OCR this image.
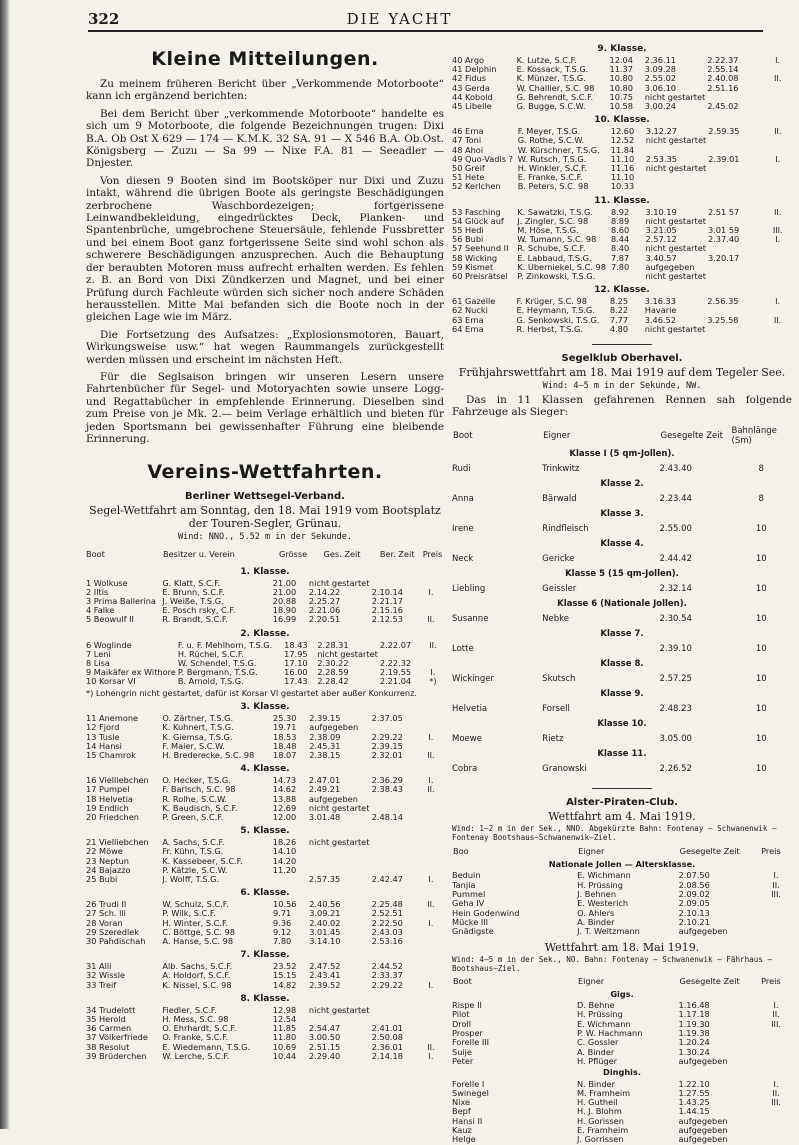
322	DIE YACHT
Kleine Mitteilungen.

Zu meinem früheren Bericht über „Verkommende Motorboote“ kann ich ergänzend berichten:

Bei dem Bericht über „verkommende Motorboote“ handelte es sich um 9 Motorboote, die folgende Bezeichnungen trugen: Dixi B.A. Ob Ost X 629 — 174 — K.M.K. 32 SA. 91 — X 546 B.A. Ob.Ost. Königsberg — Zuzu — Sa 99 — Nixe F.A. 81 — Seeadler — Dnjester.

Von diesen 9 Booten sind im Bootsköper nur Dixi und Zuzu intakt, während die übrigen Boote als geringste Beschädigungen zerbrochene Waschbordezeigen; fortgerissene Leinwandbekleidung, eingedrücktes Deck, Planken- und Spantenbrüche, umgebrochene Steuersäule, fehlende Fussbretter und bei einem Boot ganz fortgerissene Seite sind wohl schon als schwerere Beschädigungen anzusprechen. Auch die Behauptung der beraubten Motoren muss aufrecht erhalten werden. Es fehlen z. B. an Bord von Dixi Zündkerzen und Magnet, und bei einer Prüfung durch Fachleute würden sich sicher noch andere Schäden herausstellen. Mitte Mai befanden sich die Boote noch in der gleichen Lage wie im März.

Die Fortsetzung des Aufsatzes: „Explosionsmotoren, Bauart, Wirkungsweise usw.“ hat wegen Raummangels zurückgestellt werden müssen und erscheint im nächsten Heft.

Für die Seglsaison bringen wir unseren Lesern unsere Fahrtenbücher für Segel- und Motoryachten sowie unsere Logg- und Regattabücher in empfehlende Erinnerung. Dieselben sind zum Preise von je Mk. 2.— beim Verlage erhältlich und bieten für jeden Sportsmann bei gewissenhafter Führung eine bleibende Erinnerung.

Vereins-Wettfahrten.
Berliner Wettsegel-Verband.
Segel-Wettfahrt am Sonntag, den 18. Mai 1919 vom Bootsplatz der Touren-Segler, Grünau.
Wind: NNO., 5.52 m in der Sekunde.
Boot	Besitzer u. Verein	Grösse	Ges. Zeit	Ber. Zeit	Preis
1. Klasse.
1 Wolkuse	G. Klatt, S.C.F.	21.00	nicht gestartet		
2 Iltis	E. Brunn, S.C.F.	21.00	2.14.22	2.10.14	I.
3 Prima Ballerina	J. Weiße, T.S.G.	20.88	2.25.27	2.21.17	
4 Falke	E. Posch rsky, C.F.	18.90	2.21.06	2.15.16	
5 Beowulf II	R. Brandt, S.C.F.	16.99	2.20.51	2.12.53	II.
2. Klasse.
6 Woglinde	F. u. F. Mehlhorn, T.S.G.	18.43	2.28.31	2.22.07	II.
7 Leni	H. Rüchel, S.C.F.	17.95	nicht gestartet		
8 Lisa	W. Schendel, T.S.G.	17.10	2.30.22	2.22.32	
9 Maikäfer ex Withore	P. Bergmann, T.S.G.	16.00	2.28.59	2.19.55	I.
10 Korsar VI	B. Arnold, T.S.G.	17.43	2.28.42	2.21.04	*)
*) Lohengrin nicht gestartet, dafür ist Korsar VI gestartet aber außer Konkurrenz.
3. Klasse.
11 Anemone	O. Zärtner, T.S.G.	25.30	2.39.15	2.37.05	
12 Fjord	K. Kuhnert, T.S.G.	19.71	aufgegeben		
13 Tusle	K. Giemsa, T.S.G.	18.53	2.38.09	2.29.22	I.
14 Hansi	F. Maier, S.C.W.	18.48	2.45.31	2.39.15	
15 Chamrok	H. Brederecke, S.C. 98	18.07	2.38.15	2.32.01	II.
4. Klasse.
16 Vielliebchen	O. Hecker, T.S.G.	14.73	2.47.01	2.36.29	I.
17 Pumpel	F. Barlsch, S.C. 98	14.62	2.49.21	2.38.43	II.
18 Helvetia	R. Rolhe, S.C.W.	13.88	aufgegeben		
19 Endlich	K. Baudisch, S.C.F.	12.69	nicht gestartet		
20 Friedchen	P. Green, S.C.F.	12.00	3.01.48	2.48.14	
5. Klasse.
21 Vielliebchen	A. Sachs, S.C.F.	18.26	nicht gestartet		
22 Möwe	Fr. Kühn, T.S.G.	14.10			
23 Neptun	K. Kassebeer, S.C.F.	14.20			
24 Bajazzo	P. Kätzle, S.C.W.	11.20			
25 Bubi	J. Wolff, T.S.G.		2.57.35	2.42.47	I.
6. Klasse.
26 Trudi II	W. Schulz, S.C.F.	10.56	2.40.56	2.25.48	II.
27 Sch. lli	P. Wilk, S.C.F.	9.71	3.09.21	2.52.51	
28 Voran	H. Winter, S.C.F.	9.36	2.40.02	2.22.50	I.
29 Szeredlek	C. Böttge, S.C. 98	9.12	3.01.45	2.43.03	
30 Pahdischah	A. Hanse, S.C. 98	7.80	3.14.10	2.53.16	
7. Klasse.
31 Alli	Alb. Sachs, S.C.F.	23.52	2.47.52	2.44.52	
32 Wissle	A. Holdorf, S.C.F.	15.15	2.43.41	2.33.37	
33 Treif	K. Nissel, S.C. 98	14.82	2.39.52	2.29.22	I.
8. Klasse.
34 Trudelott	Fiedler, S.C.F.	12.98	nicht gestartet		
35 Herold	H. Mess, S.C. 98	12.54			
36 Carmen	O. Ehrhardt, S.C.F.	11.85	2.54.47	2.41.01	
37 Völkerfriede	O. Franke, S.C.F.	11.80	3.00.50	2.50.08	
38 Resolut	E. Wiedemann, T.S.G.	10.69	2.51.15	2.36.01	II.
39 Brüderchen	W. Lerche, S.C.F.	10.44	2.29.40	2.14.18	I.
9. Klasse.
40 Argo	K. Lutze, S.C.F.	12.04	2.36.11	2.22.37	I.
41 Delphin	E. Kossack, T.S.G.	11.37	3.09.28	2.55.14	
42 Fidus	K. Münzer, T.S.G.	10.80	2.55.02	2.40.08	II.
43 Gerda	W. Challier, S.C. 98	10.80	3.06.10	2.51.16	
44 Kobold	G. Behrendt, S.C.F.	10.75	nicht gestartet		
45 Libelle	G. Bugge, S.C.W.	10.58	3.00.24	2.45.02	
10. Klasse.
46 Erna	F. Meyer, T.S.G.	12.60	3.12.27	2.59.35	II.
47 Toni	G. Rothe, S.C.W.	12.52	nicht gestartet		
48 Ahoi	W. Kürschner, T.S.G.	11.84			
49 Quo-Vadis ?	W. Rutsch, T.S.G.	11.10	2.53.35	2.39.01	I.
50 Greif	H. Winkler, S.C.F.	11.16	nicht gestartet		
51 Hete	E. Franke, S.C.F.	11.10			
52 Kerlchen	B. Peters, S.C. 98	10.33			
11. Klasse.
53 Fasching	K. Sawatzki, T.S.G.	8.92	3.10.19	2.51 57	II.
54 Glück auf	J. Zingler, S.C. 98	8.89	nicht gestartet		
55 Hedi	M. Höse, T.S.G.	8.60	3.21.05	3.01 59	III.
56 Bubi	W. Tumann, S.C. 98	8.44	2.57.12	2.37.40	I.
57 Seehund II	R. Schube, S.C.F.	8.40	nicht gestartet		
58 Wicking	E. Labbaud, T.S.G.	7.87	3.40.57	3.20.17	
59 Kismet	K. Überniekel, S.C. 98	7.80	aufgegeben		
60 Preisrätsel	P. Zinkowski, T.S.G.		nicht gestartet		
12. Klasse.
61 Gazelle	F. Krüger, S.C. 98	8.25	3.16.33	2.56.35	I.
62 Nucki	E. Heymann, T.S.G.	8.22	Havarie		
63 Erna	G. Senkowski, T.S.G.	7.77	3.46.52	3.25.58	II.
64 Erna	R. Herbst, T.S.G.	4.80	nicht gestartet		
Segelklub Oberhavel.
Frühjahrswettfahrt am 18. Mai 1919 auf dem Tegeler See.
Wind: 4—5 m in der Sekunde, NW.

Das in 11 Klassen gefahrenen Rennen sah folgende Fahrzeuge als Sieger:

Boot	Eigner	Gesegelte Zeit	Bahnlänge (Sm)
Klasse I (5 qm-Jollen).			
Rudi	Trinkwitz	2.43.40	8
Klasse 2.			
Anna	Bärwald	2.23.44	8
Klasse 3.			
Irene	Rindfleisch	2.55.00	10
Klasse 4.			
Neck	Gericke	2.44.42	10
Klasse 5 (15 qm-Jollen).			
Liebling	Geissler	2.32.14	10
Klasse 6 (Nationale Jollen).			
Susanne	Nebke	2.30.54	10
Klasse 7.			
Lotte		2.39.10	10
Klasse 8.			
Wickinger	Skutsch	2.57.25	10
Klasse 9.			
Helvetia	Forsell	2.48.23	10
Klasse 10.			
Moewe	Rietz	3.05.00	10
Klasse 11.			
Cobra	Granowski	2.26.52	10
Alster-Piraten-Club.
Wettfahrt am 4. Mai 1919.
Wind: 1—2 m in der Sek., NNO. Abgekürzte Bahn: Fontenay — Schwanenwik — Fontenay Bootshaus—Schwanenwik—Ziel.
Boo	Eigner	Gesegelte Zeit	Preis
Nationale Jollen — Altersklasse.			
Beduin	E. Wichmann	2.07.50	I.
Tanjia	H. Prüssing	2.08.56	II.
Pummel	J. Behnen	2.09.02	III.
Geha IV	E. Westerich	2.09.05	
Hein Godenwind	O. Ahlers	2.10.13	
Mücke III	A. Binder	2.10.21	
Gnädigste	J. T. Weitzmann	aufgegeben	
Wettfahrt am 18. Mai 1919.
Wind: 4—5 m in der Sek., NO. Bahn: Fontenay — Schwanenwik — Fährhaus — Bootshaus—Ziel.
Boot	Eigner	Gesegelte Zeit	Preis
Gigs.			
Rispe II	D. Behne	1.16.48	I.
Pilot	H. Prüssing	1.17.18	II.
Droll	E. Wichmann	1.19.30	III.
Prosper	P. W. Hachmann	1.19.38	
Forelle III	C. Gossler	1.20.24	
Suije	A. Binder	1.30.24	
Peter	H. Pflüger	aufgegeben	
Dinghis.			
Forelle I	N. Binder	1.22.10	I.
Swinegel	M. Framheim	1.27.55	II.
Nixe	H. Gutheil	1.43.25	III.
Bepf	H. J. Blohm	1.44.15	
Hansi II	H. Gorissen	aufgegeben	
Kauz	E. Framheim	aufgegeben	
Helge	J. Gorrissen	aufgegeben	
